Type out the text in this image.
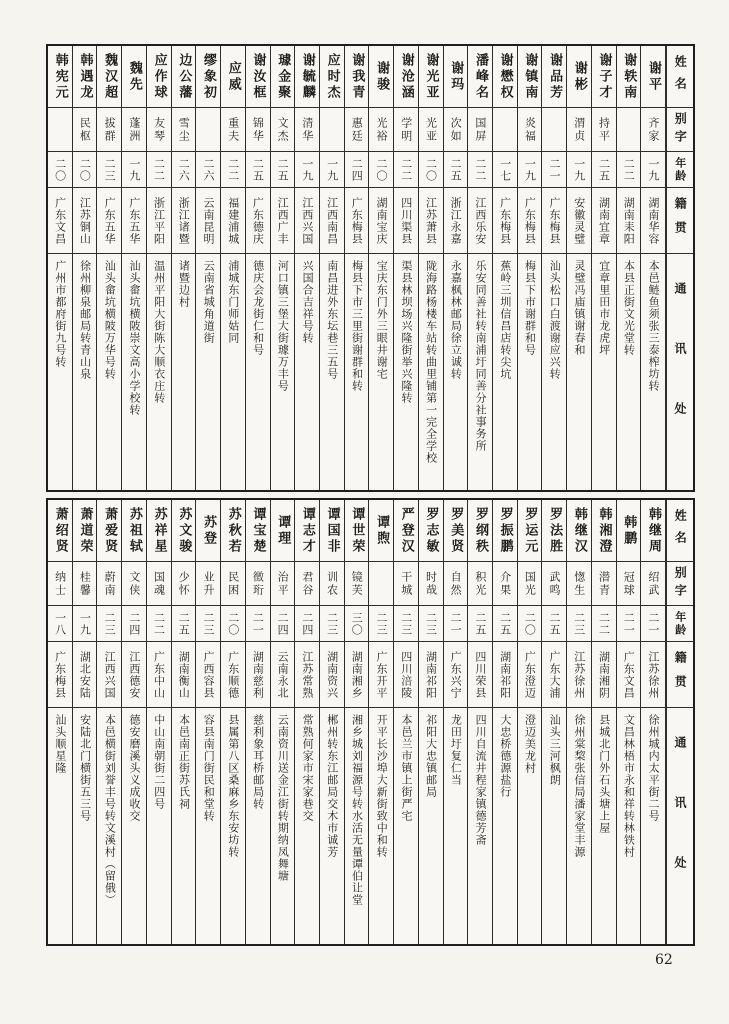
姓名
别字
年龄
籍贯
通讯处
谢平
齐家
一九
湖南华容
本邑鲢鱼须张三泰榨坊转
谢轶南
二二
湖南耒阳
本县正街文光堂转
谢子才
持平
二五
湖南宜章
宜章里田市龙虎坪
谢彬
渭贞
一九
安徽灵璧
灵璧冯庙镇谢春和
谢品芳
二一
广东梅县
汕头松口白渡谢应兴转
谢镇南
炎福
一九
广东梅县
梅县下市谢群和号
谢懋权
一七
广东梅县
蕉岭三圳信昌店转尖坑
潘峰名
国屏
二二
江西乐安
乐安同善社转南浦圩同善分社事务所
谢玛
次如
二五
浙江永嘉
永嘉枫林邮局徐立诚转
谢光亚
光亚
二〇
江苏萧县
陇海路杨楼车站转曲里铺第一完全学校
谢沧涵
学明
二二
四川渠县
渠县林坝场兴隆街举兴隆转
谢骏
光裕
二〇
湖南宝庆
宝庆东门外三眼井谢宅
谢我青
惠廷
二四
广东梅县
梅县下市三里街谢群和转
应时杰
一九
江西南昌
南昌进外东坛巷三五号
谢毓麟
清华
一九
江西兴国
兴国合吉祥号转
璩金聚
文杰
二五
江西广丰
河口镇三堡大街璩万丰号
谢汝框
锦华
二五
广东德庆
德庆会龙街仁和号
应威
重夫
二二
福建浦城
浦城东门师姑同
缪象初
二六
云南昆明
云南省城角道街
边公藩
雪尘
二六
浙江诸暨
诸暨边村
应作球
友琴
二二
浙江平阳
温州平阳大街陈大顺衣庄转
魏先
蓬洲
一九
广东五华
汕头畲坑横陂崇文高小学校转
魏汉超
拔群
二三
广东五华
汕头畲坑横陂万华号转
韩遇龙
民枢
二〇
江苏铜山
徐州柳泉邮局转青山泉
韩宪元
二〇
广东文昌
广州市都府街九号转
姓名
别字
年龄
籍贯
通讯处
韩继周
绍武
二一
江苏徐州
徐州城内太平街二号
韩鹏
冠球
二一
广东文昌
文昌林梧市永和祥转林铁村
韩湘澄
潜青
二二
湖南湘阴
县城北门外石头塘上屋
韩继汉
愡生
二三
江苏徐州
徐州棠棃张信局潘家堂丰源
罗法胜
武鸣
二五
广东大浦
汕头三河枫朗
罗运元
国光
二〇
广东澄迈
澄迈美龙村
罗振鹏
介果
二五
湖南祁阳
大忠桥德源盐行
罗纲秩
积光
二五
四川荣县
四川自流井程家镇德芳斋
罗美贤
自然
二一
广东兴宁
龙田圩复仁当
罗志敏
时哉
二三
湖南祁阳
祁阳大忠镇邮局
严登汉
干城
二三
四川涪陵
本邑兰市镇上街严宅
谭煦
二三
广东开平
开平长沙埠大新街致中和转
谭世荣
镜芙
三〇
湖南湘乡
湘乡城刘福源号转水活无量谭伯让堂
谭国非
训农
二三
湖南资兴
郴州转东江邮局交木市诚芳
谭志才
君谷
二四
江苏常熟
常熟何家市宋家巷交
谭理
治平
二四
云南永北
云南资川送金江街转期纳凤舞塘
谭宝楚
徵珩
二一
湖南慈利
慈利象耳桥邮局转
苏秋若
民困
二〇
广东顺德
县属第八区桑麻乡东安坊转
苏登
业升
二三
广西容县
容县南门街民和堂转
苏文骏
少怀
二五
湖南衡山
本邑南正街苏氏祠
苏祥星
国魂
二二
广东中山
中山南朝街二四号
苏祖轼
文侠
二四
江西德安
德安磨溪头义成收交
萧爱贤
蔚南
二三
江西兴国
本邑横街刘誉丰号转文溪村（留俄）
萧道荣
桂馨
一九
湖北安陆
安陆北门横街五三号
萧绍贤
纳士
一八
广东梅县
汕头顺星隆
62
